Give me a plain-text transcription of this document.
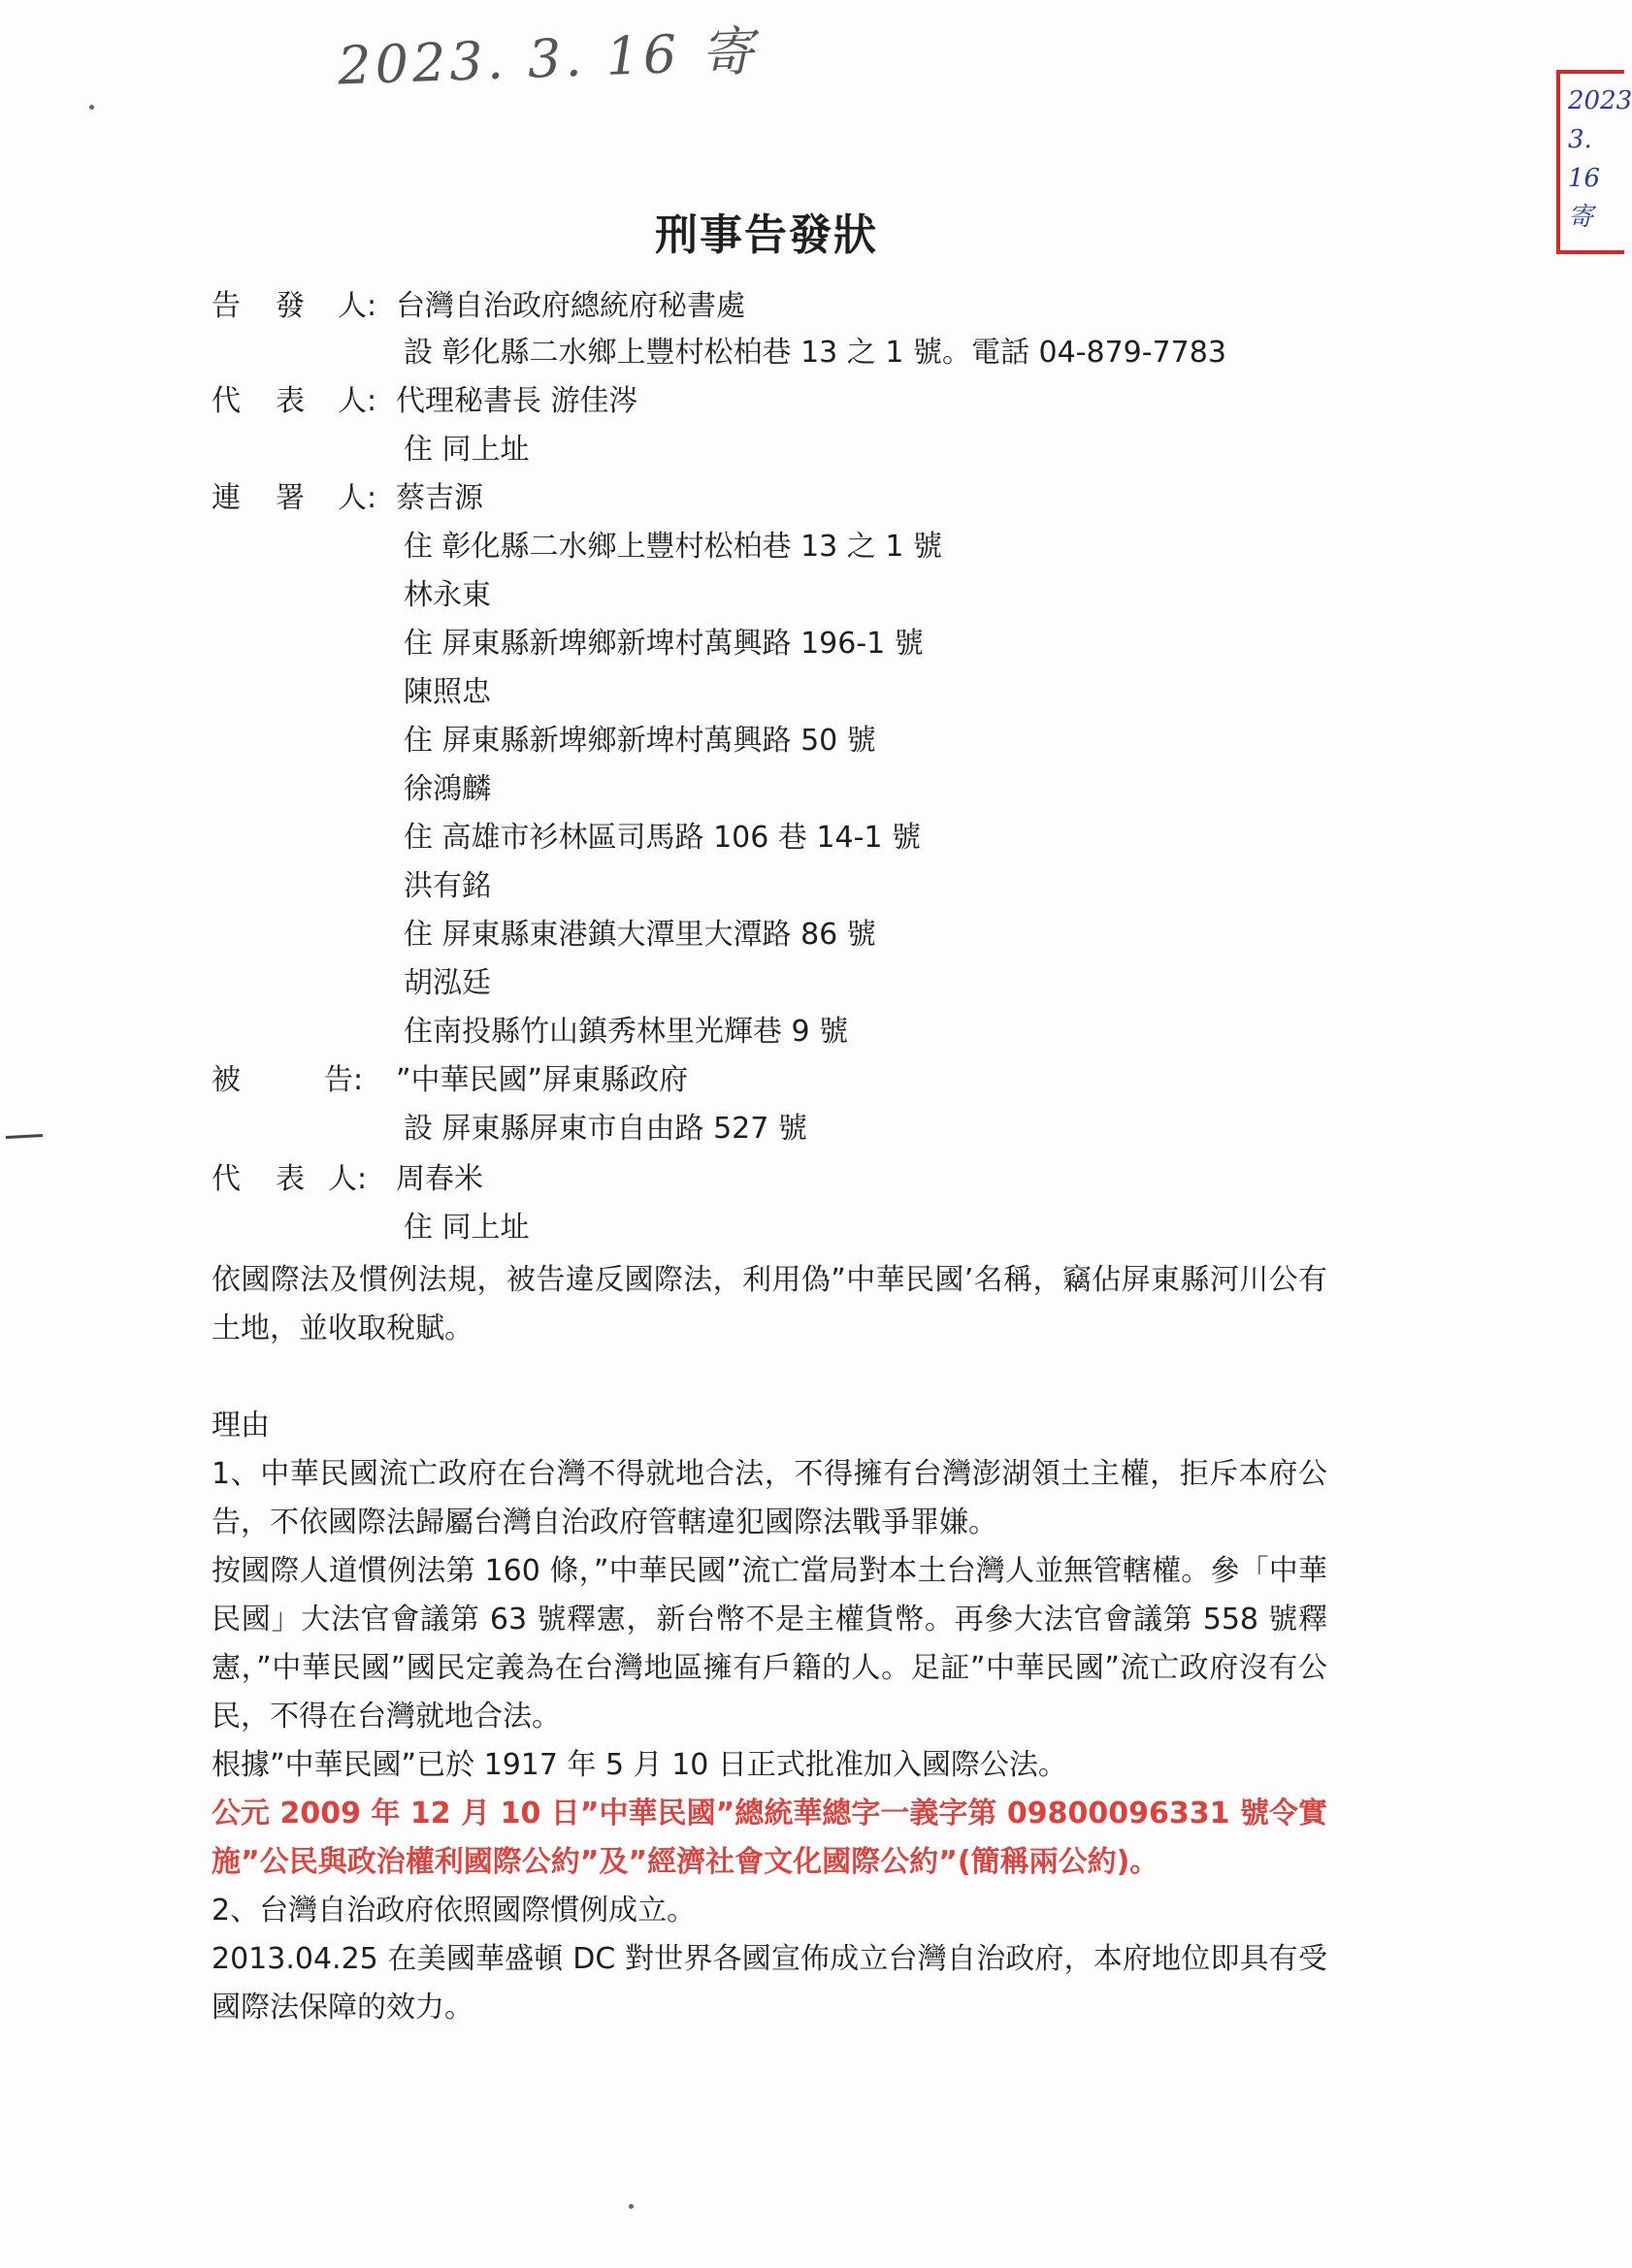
2023. 3. 16 寄
2023
3.
16
寄
刑事告發狀
告 發 人: 台灣自治政府總統府秘書處
設 彰化縣二水鄉上豐村松柏巷 13 之 1 號。電話 04-879-7783
代 表 人: 代理秘書長 游佳涔
住 同上址
連 署 人: 蔡吉源
住 彰化縣二水鄉上豐村松柏巷 13 之 1 號
林永東
住 屏東縣新埤鄉新埤村萬興路 196-1 號
陳照忠
住 屏東縣新埤鄉新埤村萬興路 50 號
徐鴻麟
住 高雄市衫林區司馬路 106 巷 14-1 號
洪有銘
住 屏東縣東港鎮大潭里大潭路 86 號
胡泓廷
住南投縣竹山鎮秀林里光輝巷 9 號
被	告: ”中華民國”屏東縣政府
設 屏東縣屏東市自由路 527 號
代 表 人: 周春米
住 同上址

依國際法及慣例法規，被告違反國際法，利用偽”中華民國’名稱，竊佔屏東縣河川公有土地，並收取稅賦。

理由

1、中華民國流亡政府在台灣不得就地合法，不得擁有台灣澎湖領土主權，拒斥本府公告，不依國際法歸屬台灣自治政府管轄違犯國際法戰爭罪嫌。

按國際人道慣例法第 160 條，”中華民國”流亡當局對本土台灣人並無管轄權。參「中華民國」大法官會議第 63 號釋憲，新台幣不是主權貨幣。再參大法官會議第 558 號釋憲，”中華民國”國民定義為在台灣地區擁有戶籍的人。足証”中華民國”流亡政府沒有公民，不得在台灣就地合法。

根據”中華民國”已於 1917 年 5 月 10 日正式批准加入國際公法。

公元 2009 年 12 月 10 日”中華民國”總統華總字一義字第 09800096331 號令實施”公民與政治權利國際公約”及”經濟社會文化國際公約”(簡稱兩公約)。

2、台灣自治政府依照國際慣例成立。

2013.04.25 在美國華盛頓 DC 對世界各國宣佈成立台灣自治政府，本府地位即具有受國際法保障的效力。
